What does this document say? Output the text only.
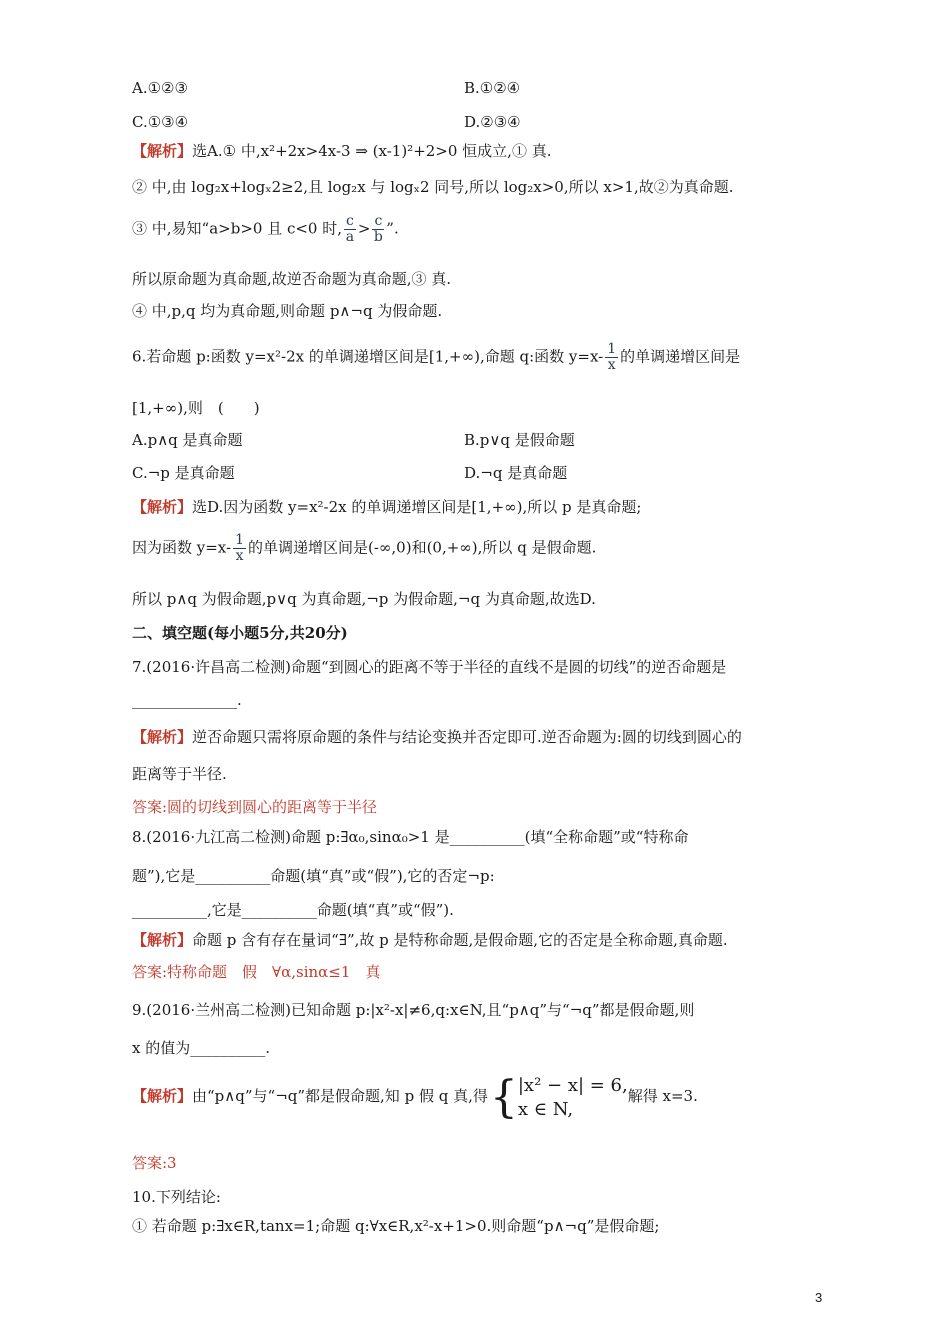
A.①②③	B.①②④
C.①③④	D.②③④
【解析】选A.① 中,x²+2x>4x-3 ⇒ (x-1)²+2>0 恒成立,① 真.
② 中,由 log₂x+logₓ2≥2,且 log₂x 与 logₓ2 同号,所以 log₂x>0,所以 x>1,故②为真命题.
③ 中,易知“a>b>0 且 c<0 时, $\frac{c}{a} > \frac{c}{b}$ ”.
所以原命题为真命题,故逆否命题为真命题,③ 真.
④ 中,p,q 均为真命题,则命题 p∧¬q 为假命题.
6.若命题 p:函数 y=x²-2x 的单调递增区间是[1,+∞),命题 q:函数 $y=x- \frac{1}{x}$ 的单调递增区间是
[1,+∞),则　(　　)
A.p∧q 是真命题	B.p∨q 是假命题
C.¬p 是真命题	D.¬q 是真命题
【解析】选D.因为函数 y=x²-2x 的单调递增区间是[1,+∞),所以 p 是真命题;
因为函数 $y=x- \frac{1}{x}$ 的单调递增区间是(-∞,0)和(0,+∞),所以 q 是假命题.
所以 p∧q 为假命题,p∨q 为真命题,¬p 为假命题,¬q 为真命题,故选D.
二、填空题(每小题5分,共20分)
7.(2016·许昌高二检测)命题“到圆心的距离不等于半径的直线不是圆的切线”的逆否命题是
______________.
【解析】逆否命题只需将原命题的条件与结论变换并否定即可.逆否命题为:圆的切线到圆心的
距离等于半径.
答案:圆的切线到圆心的距离等于半径
8.(2016·九江高二检测)命题 p:∃α₀,sinα₀>1 是__________(填“全称命题”或“特称命
题”),它是__________命题(填“真”或“假”),它的否定¬p:
__________,它是__________命题(填“真”或“假”).
【解析】命题 p 含有存在量词“∃”,故 p 是特称命题,是假命题,它的否定是全称命题,真命题.
答案:特称命题　假　∀α,sinα≤1　真
9.(2016·兰州高二检测)已知命题 p:|x²-x|≠6,q:x∈N,且“p∧q”与“¬q”都是假命题,则
x 的值为__________.
【解析】由“p∧q”与“¬q”都是假命题,知 p 假 q 真,得{ |x² − x| = 6,
x ∈ N,
解得 x=3.
答案:3
10.下列结论:
① 若命题 p:∃x∈R,tanx=1;命题 q:∀x∈R,x²-x+1>0.则命题“p∧¬q”是假命题;
3
